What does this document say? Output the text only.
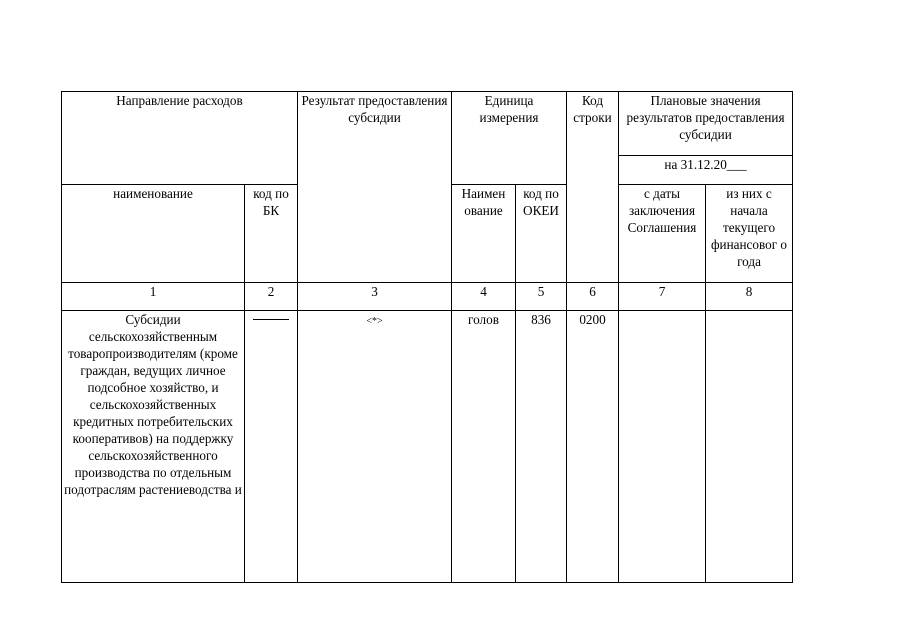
Направление расходов		Результат предоставления субсидии	Единица измерения		Код строки	Плановые значения результатов предоставления субсидии	
						на 31.12.20___	
наименование	код по БК		Наимен ование	код по ОКЕИ		с даты заключения Соглашения	из них с начала текущего финансовог о года
1	2	3	4	5	6	7	8
Субсидии сельскохозяйственным товаропроизводителям (кроме граждан, ведущих личное подсобное хозяйство, и сельскохозяйственных кредитных потребительских кооперативов) на поддержку сельскохозяйственного производства по отдельным подотраслям растениеводства и		<*>	голов	836	0200		
